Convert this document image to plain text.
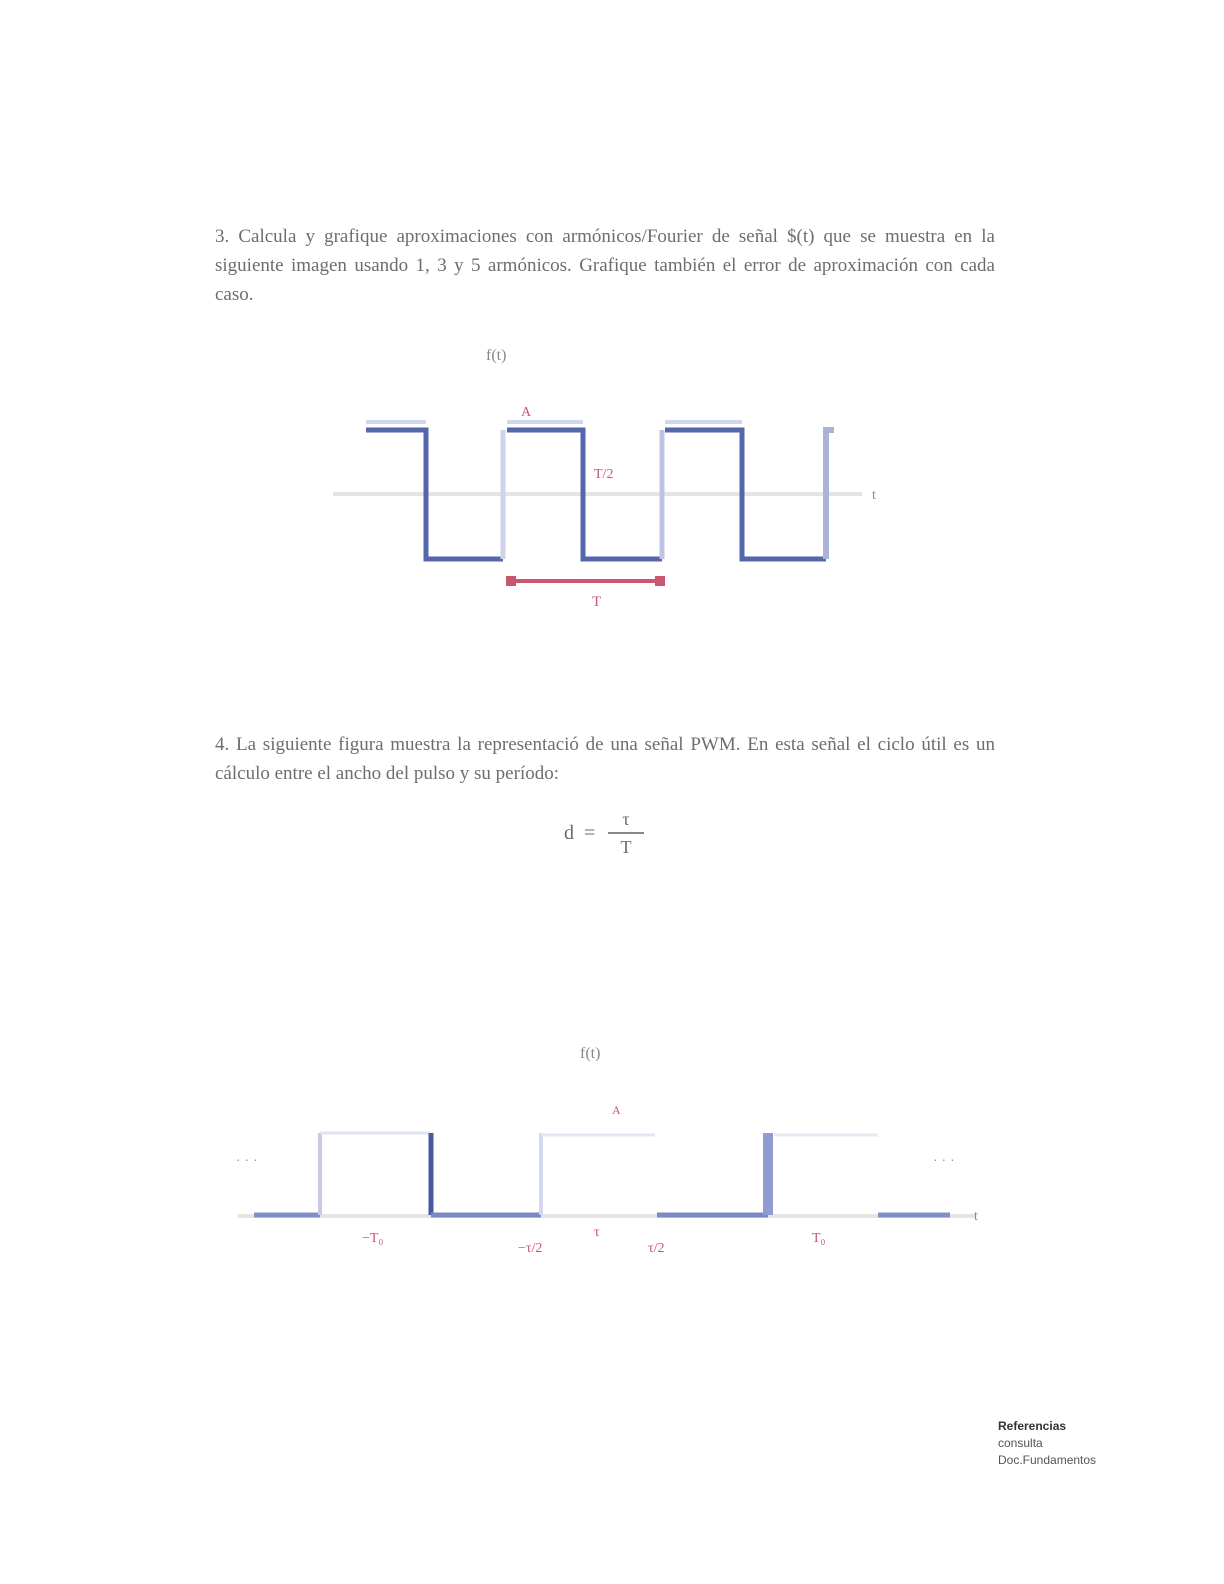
3. Calcula y grafique aproximaciones con armónicos/Fourier de señal $(t) que se muestra en la siguiente imagen usando 1, 3 y 5 armónicos. Grafique también el error de aproximación con cada caso.
f(t)
t
A
T/2
T
4. La siguiente figura muestra la representació de una señal PWM. En esta señal el ciclo útil es un cálculo entre el ancho del pulso y su período:
d =
τ
T
f(t)
A
t
· · ·	· · ·
−T₀
−τ/2
τ
τ/2
T₀
Referencias
consulta
Doc.Fundamentos
